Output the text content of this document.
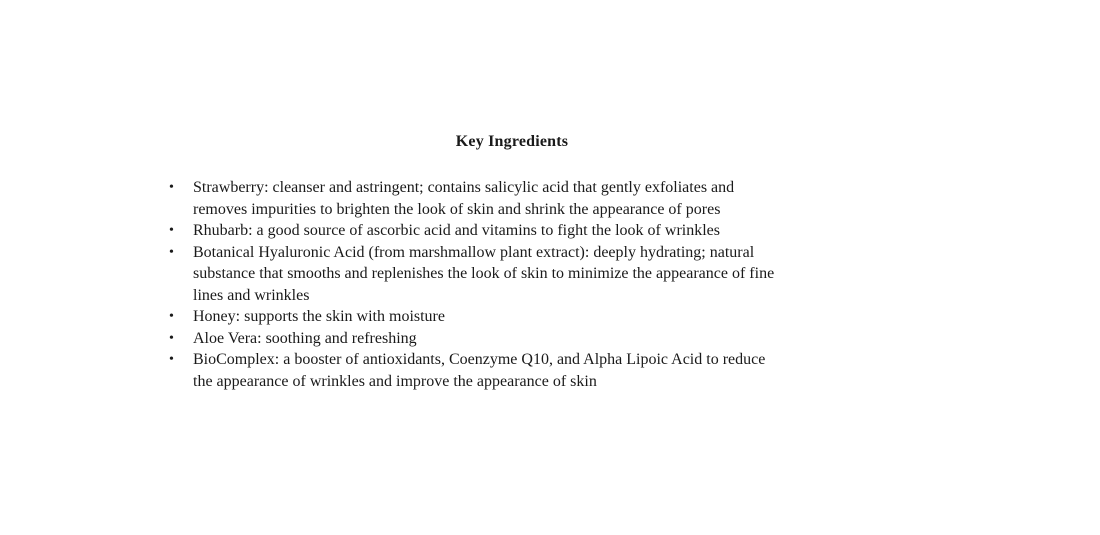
Key Ingredients
•	Strawberry: cleanser and astringent; contains salicylic acid that gently exfoliates and
removes impurities to brighten the look of skin and shrink the appearance of pores
•	Rhubarb: a good source of ascorbic acid and vitamins to fight the look of wrinkles
•	Botanical Hyaluronic Acid (from marshmallow plant extract): deeply hydrating; natural
substance that smooths and replenishes the look of skin to minimize the appearance of fine
lines and wrinkles
•	Honey: supports the skin with moisture
•	Aloe Vera: soothing and refreshing
•	BioComplex: a booster of antioxidants, Coenzyme Q10, and Alpha Lipoic Acid to reduce
the appearance of wrinkles and improve the appearance of skin
